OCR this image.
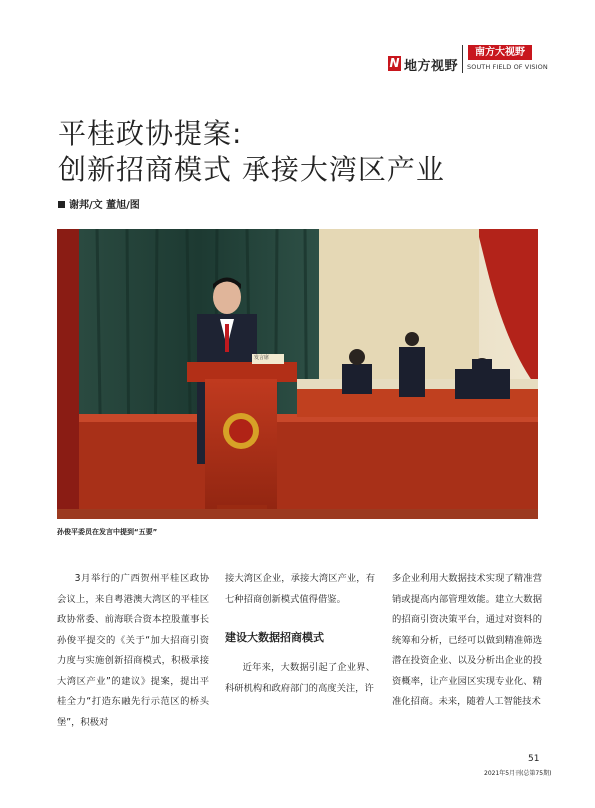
N 地方视野
南方大视野
SOUTH FIELD OF VISION
平桂政协提案:
创新招商模式 承接大湾区产业
谢邦/文 董旭/图
发言席
孙俊平委员在发言中提到“五要”

3月举行的广西贺州平桂区政协会议上，来自粤港澳大湾区的平桂区政协常委、前海联合资本控股董事长孙俊平提交的《关于“加大招商引资力度与实施创新招商模式，积极承接大湾区产业”的建议》提案，提出平桂全力“打造东融先行示范区的桥头堡”，积极对

接大湾区企业，承接大湾区产业，有七种招商创新模式值得借鉴。

建设大数据招商模式

近年来，大数据引起了企业界、科研机构和政府部门的高度关注，许

多企业利用大数据技术实现了精准营销或提高内部管理效能。建立大数据的招商引资决策平台，通过对资料的统筹和分析，已经可以做到精准筛选潜在投资企业、以及分析出企业的投资概率，让产业园区实现专业化、精准化招商。未来，随着人工智能技术

51
2021年5月刊(总第75期)
